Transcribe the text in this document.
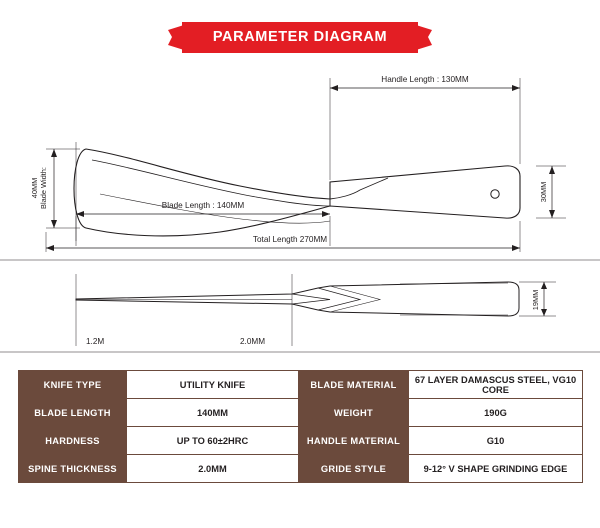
PARAMETER DIAGRAM
Handle Length : 130MM
Blade Width:
40MM	30MM
Blade Length : 140MM
Total Length 270MM
1.2M	2.0MM
19MM
KNIFE TYPE	UTILITY KNIFE	BLADE MATERIAL	67 LAYER DAMASCUS STEEL, VG10 CORE
BLADE LENGTH	140MM	WEIGHT	190G
HARDNESS	UP TO 60±2HRC	HANDLE MATERIAL	G10
SPINE THICKNESS	2.0MM	GRIDE STYLE	9-12° V SHAPE GRINDING EDGE
